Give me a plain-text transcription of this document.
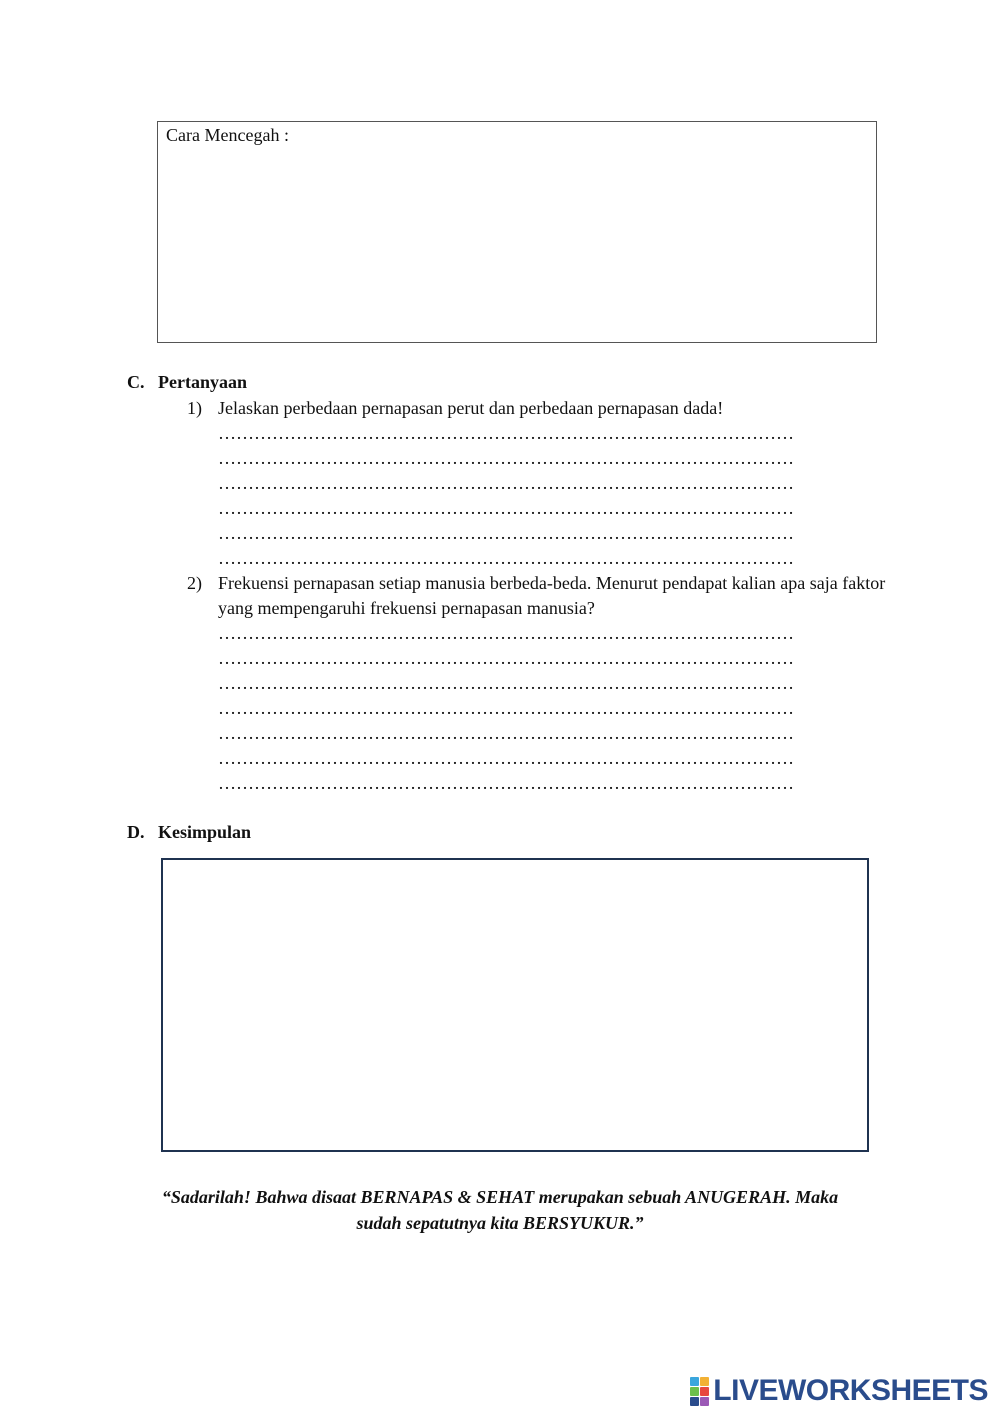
Cara Mencegah :
C. Pertanyaan
1) Jelaskan perbedaan pernapasan perut dan perbedaan pernapasan dada!
……………………………………………………………………………………
……………………………………………………………………………………
……………………………………………………………………………………
……………………………………………………………………………………
……………………………………………………………………………………
……………………………………………………………………………………
2) Frekuensi pernapasan setiap manusia berbeda-beda. Menurut pendapat kalian apa saja faktor yang mempengaruhi frekuensi pernapasan manusia?
……………………………………………………………………………………
……………………………………………………………………………………
……………………………………………………………………………………
……………………………………………………………………………………
……………………………………………………………………………………
……………………………………………………………………………………
……………………………………………………………………………………
D. Kesimpulan
“Sadarilah! Bahwa disaat BERNAPAS & SEHAT merupakan sebuah ANUGERAH. Maka
sudah sepatutnya kita BERSYUKUR.”
LIVEWORKSHEETS
